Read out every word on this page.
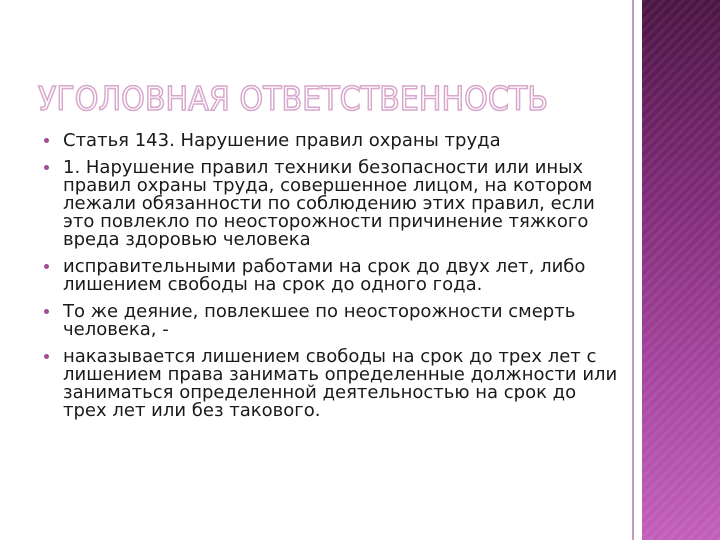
УГОЛОВНАЯ ОТВЕТСТВЕННОСТЬ
Статья 143. Нарушение правил охраны труда
1. Нарушение правил техники безопасности или иных правил охраны труда, совершенное лицом, на котором лежали обязанности по соблюдению этих правил, если это повлекло по неосторожности причинение тяжкого вреда здоровью человека
исправительными работами на срок до двух лет, либо лишением свободы на срок до одного года.
То же деяние, повлекшее по неосторожности смерть человека, -
наказывается лишением свободы на срок до трех лет с лишением права занимать определенные должности или заниматься определенной деятельностью на срок до трех лет или без такового.
